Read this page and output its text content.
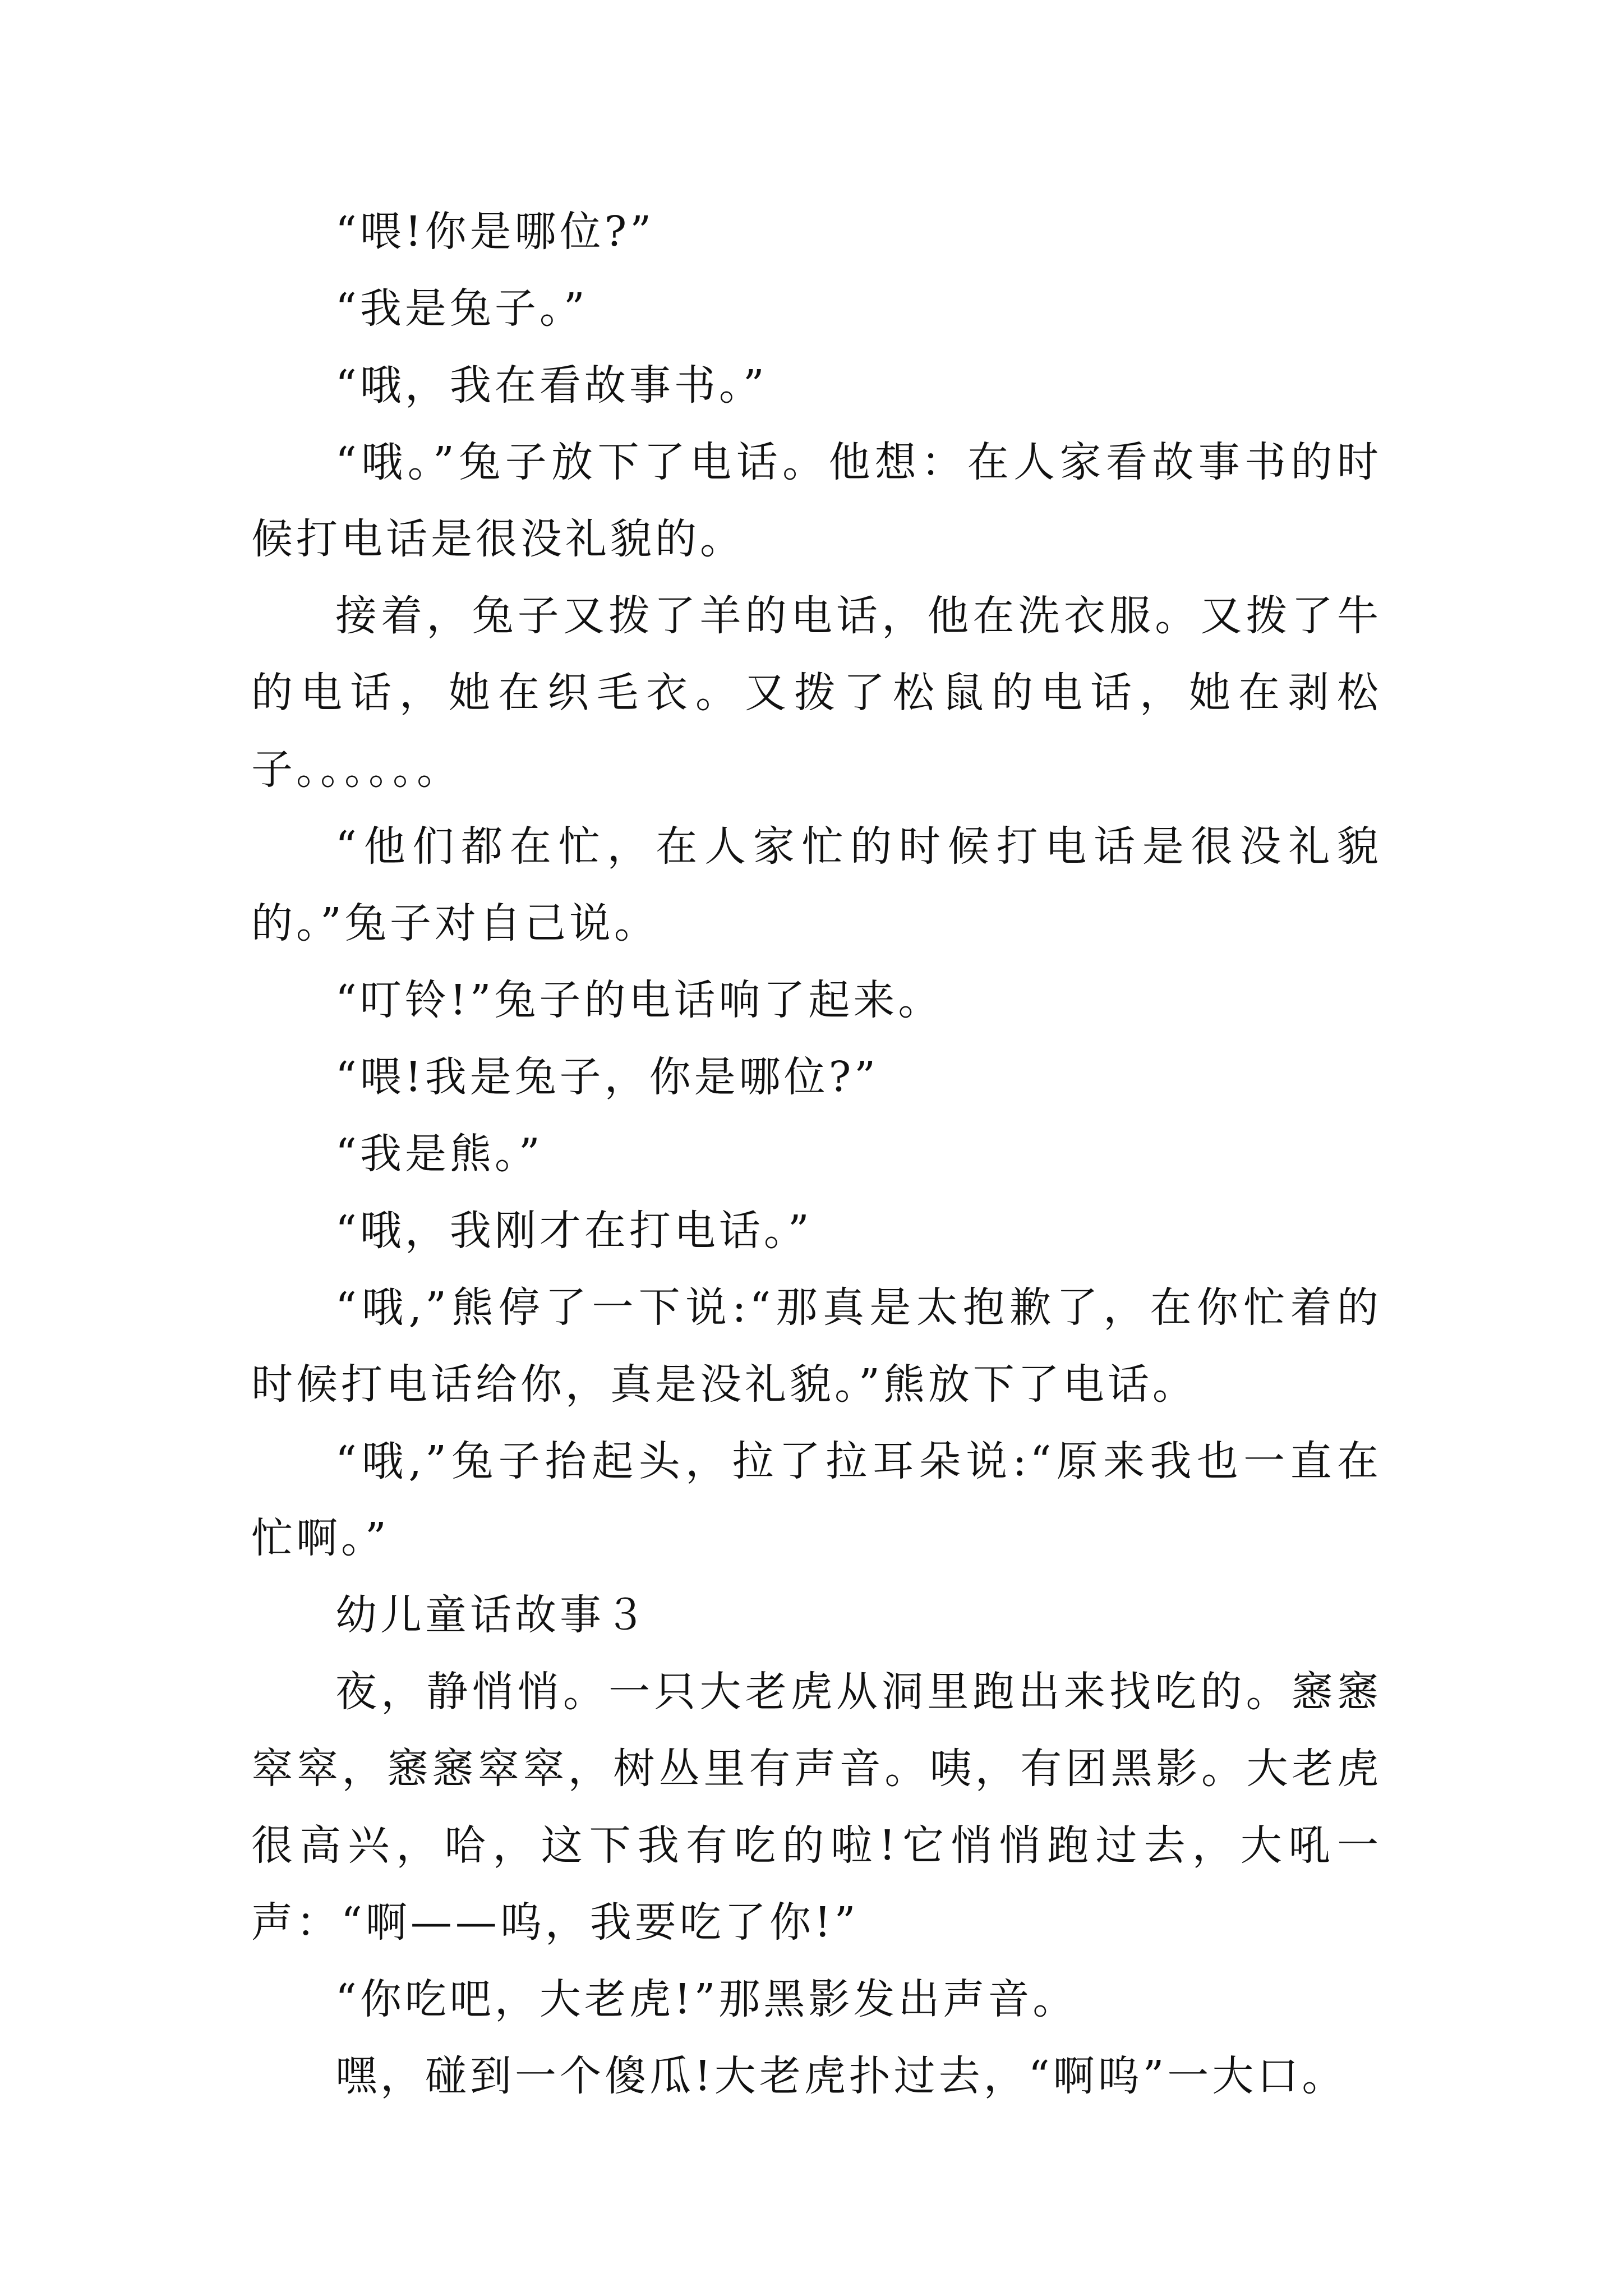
“喂!你是哪位?”

“我是兔子。”

“哦，我在看故事书。”

“哦。”兔子放下了电话。他想：在人家看故事书的时候打电话是很没礼貌的。

接着，兔子又拨了羊的电话，他在洗衣服。又拨了牛的电话，她在织毛衣。又拨了松鼠的电话，她在剥松子。。。。。。

“他们都在忙，在人家忙的时候打电话是很没礼貌的。”兔子对自己说。

“叮铃!”兔子的电话响了起来。

“喂!我是兔子，你是哪位?”

“我是熊。”

“哦，我刚才在打电话。”

“哦,”熊停了一下说:“那真是太抱歉了，在你忙着的时候打电话给你，真是没礼貌。”熊放下了电话。

“哦,”兔子抬起头，拉了拉耳朵说:“原来我也一直在忙啊。”

幼儿童话故事３

夜，静悄悄。一只大老虎从洞里跑出来找吃的。窸窸窣窣，窸窸窣窣，树丛里有声音。咦，有团黑影。大老虎很高兴，哈，这下我有吃的啦!它悄悄跑过去，大吼一声：“啊——呜，我要吃了你!”

“你吃吧，大老虎!”那黑影发出声音。

嘿，碰到一个傻瓜!大老虎扑过去，“啊呜”一大口。
